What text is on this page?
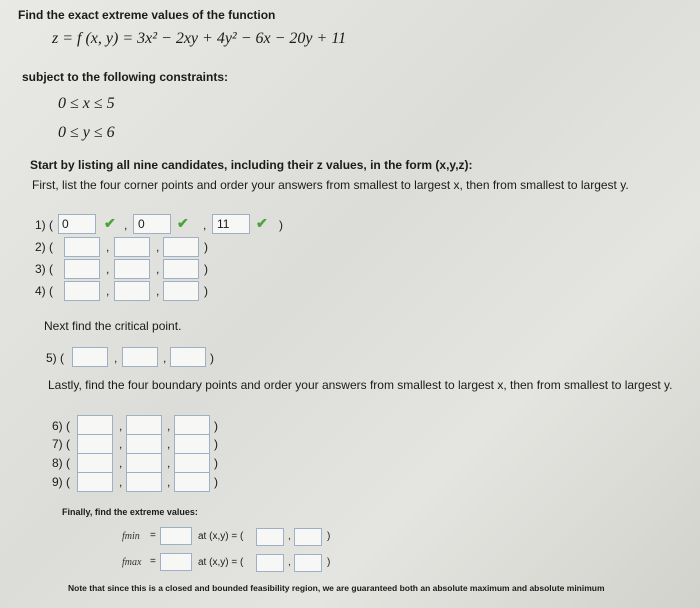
Find the exact extreme values of the function
z = f (x, y) = 3x² − 2xy + 4y² − 6x − 20y + 11
subject to the following constraints:
0 ≤ x ≤ 5
0 ≤ y ≤ 6
Start by listing all nine candidates, including their z values, in the form (x,y,z):
First, list the four corner points and order your answers from smallest to largest x, then from smallest to largest y.
1) ( 0	✔ , 0	✔ , 11	✔ )
2) (	,	,	)
3) (	,	,	)
4) (	,	,	)
Next find the critical point.
5) (	,	,	)
Lastly, find the four boundary points and order your answers from smallest to largest x, then from smallest to largest y.
6) (	,	,	)
7) (	,	,	)
8) (	,	,	)
9) (	,	,	)
Finally, find the extreme values:
fmin =	at (x,y) = (	,	)
fmax =	at (x,y) = (	,	)
Note that since this is a closed and bounded feasibility region, we are guaranteed both an absolute maximum and absolute minimum
